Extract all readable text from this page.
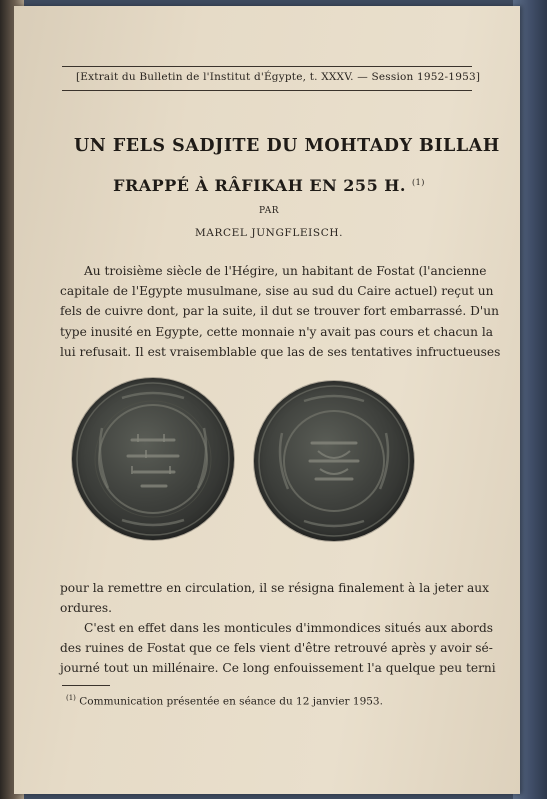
[Extrait du Bulletin de l'Institut d'Égypte, t. XXXV. — Session 1952-1953]
UN FELS SADJITE DU MOHTADY BILLAH
FRAPPÉ À RÂFIKAH EN 255 H. $^{(1)}$
PAR
MARCEL JUNGFLEISCH.
Au troisième siècle de l'Hégire, un habitant de Fostat (l'ancienne
capitale de l'Egypte musulmane, sise au sud du Caire actuel) reçut un
fels de cuivre dont, par la suite, il dut se trouver fort embarrassé. D'un
type inusité en Egypte, cette monnaie n'y avait pas cours et chacun la
lui refusait. Il est vraisemblable que las de ses tentatives infructueuses
pour la remettre en circulation, il se résigna finalement à la jeter aux
ordures.
C'est en effet dans les monticules d'immondices situés aux abords
des ruines de Fostat que ce fels vient d'être retrouvé après y avoir sé-
journé tout un millénaire. Ce long enfouissement l'a quelque peu terni
$^{(1)}$ Communication présentée en séance du 12 janvier 1953.
